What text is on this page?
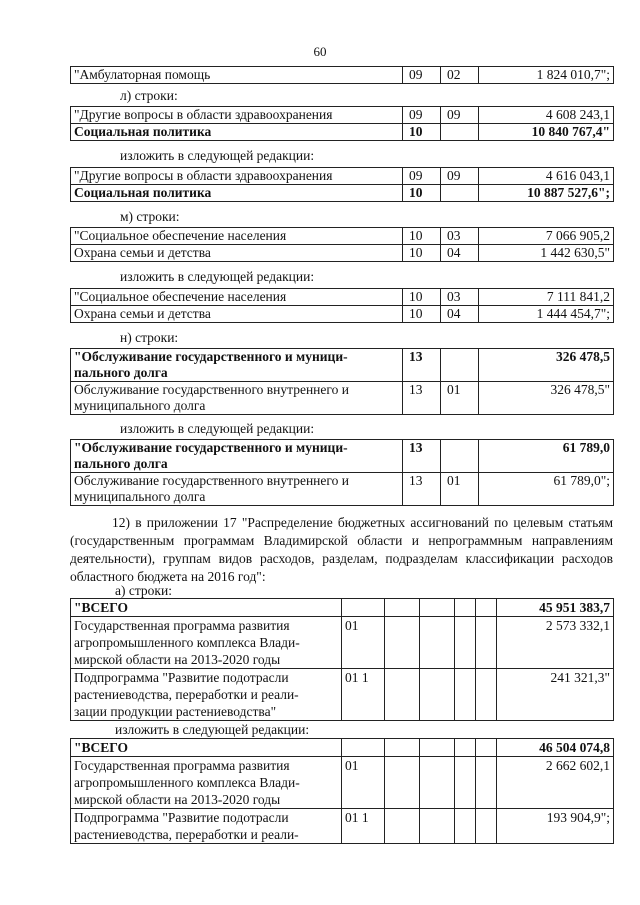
60
"Амбулаторная помощь	09	02	1 824 010,7";
л) строки:
"Другие вопросы в области здравоохранения	09	09	4 608 243,1
Социальная политика	10		10 840 767,4"
изложить в следующей редакции:
"Другие вопросы в области здравоохранения	09	09	4 616 043,1
Социальная политика	10		10 887 527,6";
м) строки:
"Социальное обеспечение населения	10	03	7 066 905,2
Охрана семьи и детства	10	04	1 442 630,5"
изложить в следующей редакции:
"Социальное обеспечение населения	10	03	7 111 841,2
Охрана семьи и детства	10	04	1 444 454,7";
н) строки:
"Обслуживание государственного и муници-
пального долга	13		326 478,5
Обслуживание государственного внутреннего и
муниципального долга	13	01	326 478,5"
изложить в следующей редакции:
"Обслуживание государственного и муници-
пального долга	13		61 789,0
Обслуживание государственного внутреннего и
муниципального долга	13	01	61 789,0";
12) в приложении 17 "Распределение бюджетных ассигнований по целевым статьям (государственным программам Владимирской области и непрограммным направлениям деятельности), группам видов расходов, разделам, подразделам классификации расходов областного бюджета на 2016 год":
а) строки:
"ВСЕГО						45 951 383,7
Государственная программа развития
агропромышленного комплекса Влади-
мирской области на 2013-2020 годы	01					2 573 332,1
Подпрограмма "Развитие подотрасли
растениеводства, переработки и реали-
зации продукции растениеводства"	01 1					241 321,3"
изложить в следующей редакции:
"ВСЕГО						46 504 074,8
Государственная программа развития
агропромышленного комплекса Влади-
мирской области на 2013-2020 годы	01					2 662 602,1
Подпрограмма "Развитие подотрасли
растениеводства, переработки и реали-	01 1					193 904,9";
